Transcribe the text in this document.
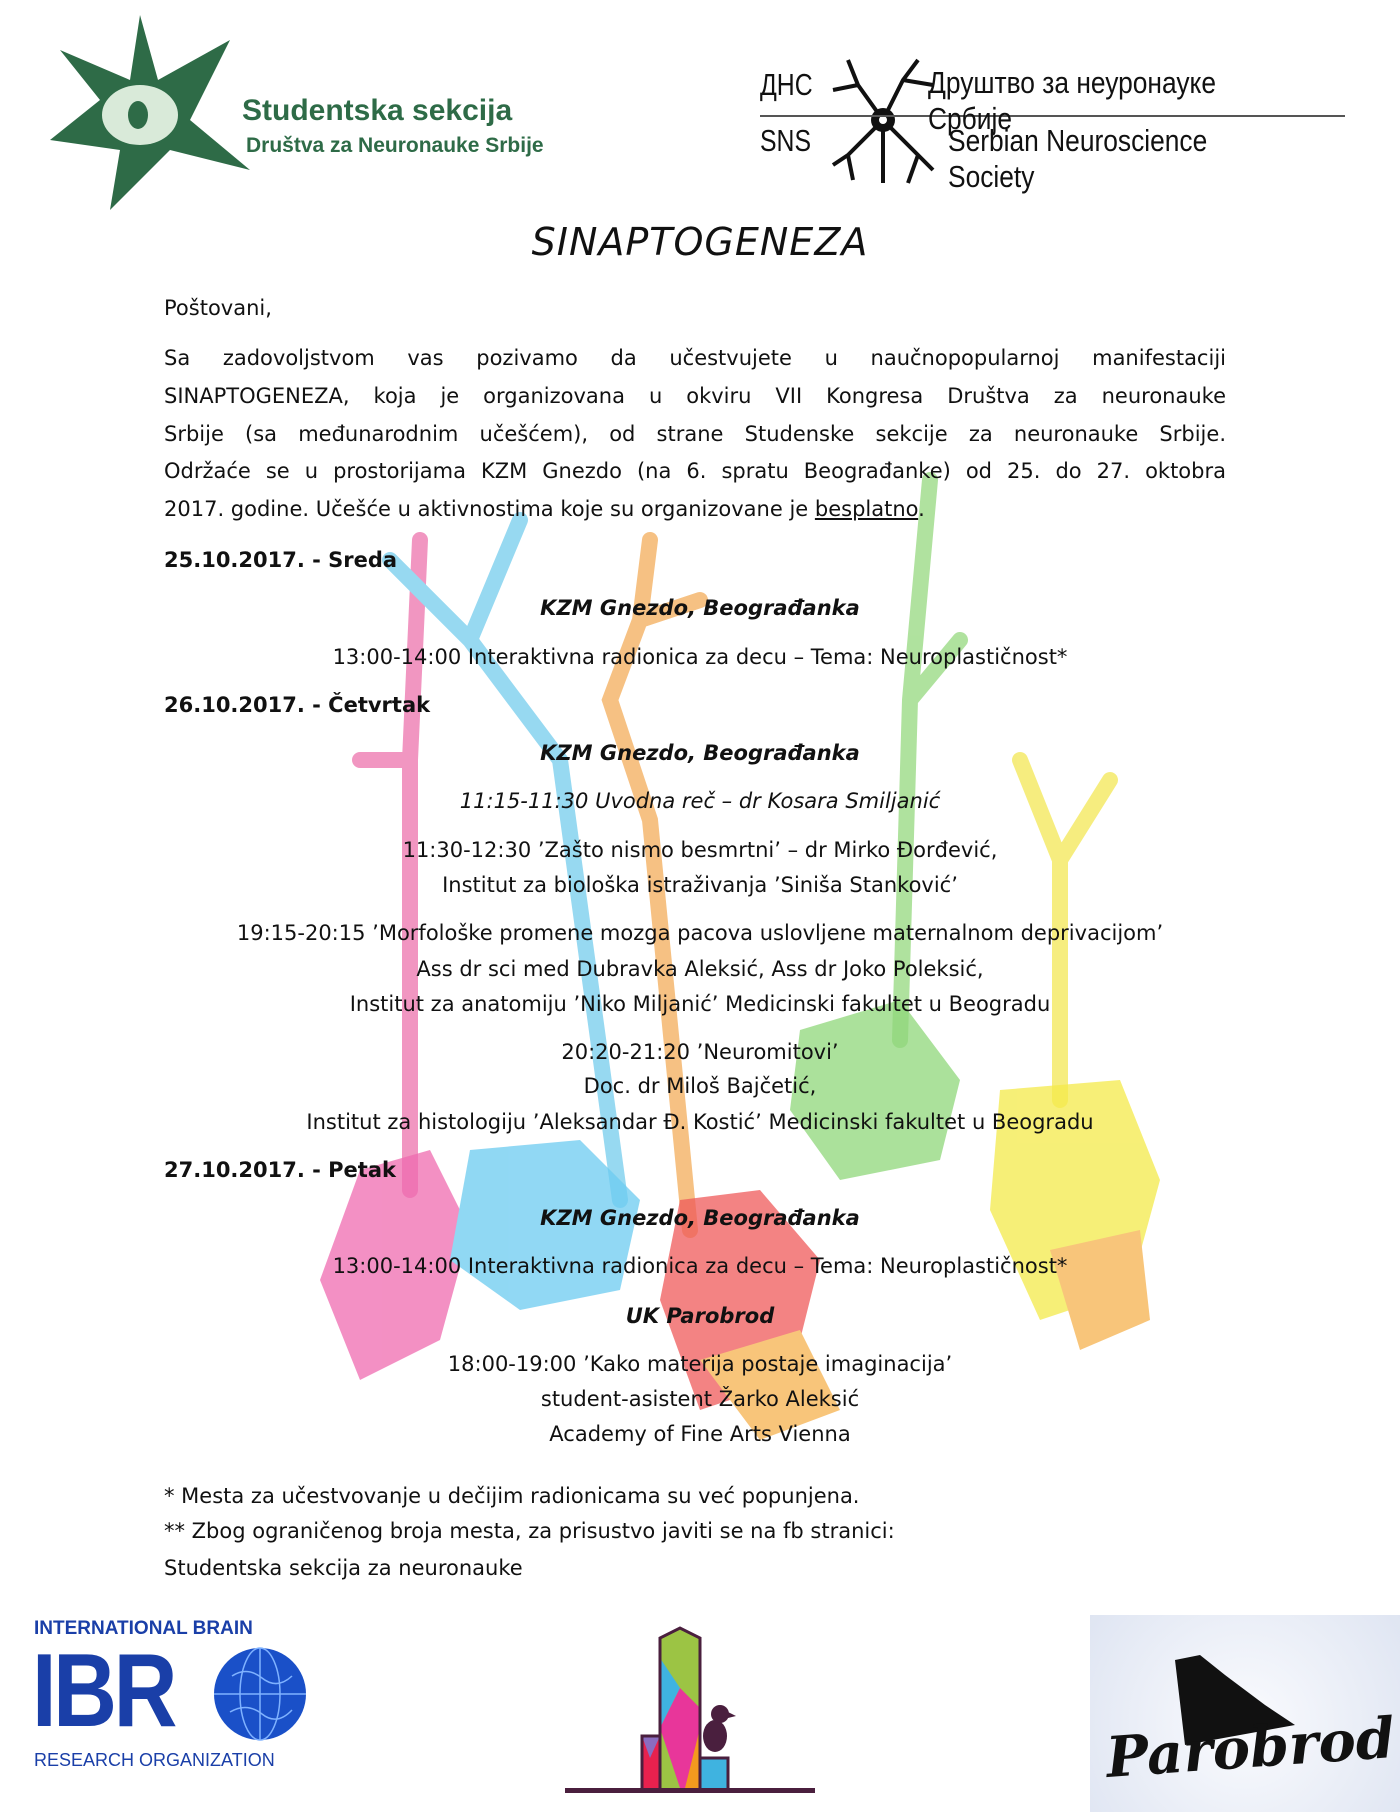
Studentska sekcija
Društva za Neuronauke Srbije
ДНС
SNS
Друштво за неуронауке Србије
Serbian Neuroscience Society
SINAPTOGENEZA
Poštovani,
Sa zadovoljstvom vas pozivamo da učestvujete u naučnopopularnoj manifestaciji
SINAPTOGENEZA, koja je organizovana u okviru VII Kongresa Društva za neuronauke
Srbije (sa međunarodnim učešćem), od strane Studenske sekcije za neuronauke Srbije.
Održaće se u prostorijama KZM Gnezdo (na 6. spratu Beograđanke) od 25. do 27. oktobra
2017. godine. Učešće u aktivnostima koje su organizovane je besplatno.
25.10.2017. - Sreda
KZM Gnezdo, Beograđanka
13:00-14:00 Interaktivna radionica za decu – Tema: Neuroplastičnost*
26.10.2017. - Četvrtak
KZM Gnezdo, Beograđanka
11:15-11:30 Uvodna reč – dr Kosara Smiljanić
11:30-12:30 ’Zašto nismo besmrtni’ – dr Mirko Đorđević,
Institut za biološka istraživanja ’Siniša Stanković’
19:15-20:15 ’Morfološke promene mozga pacova uslovljene maternalnom deprivacijom’
Ass dr sci med Dubravka Aleksić, Ass dr Joko Poleksić,
Institut za anatomiju ’Niko Miljanić’ Medicinski fakultet u Beogradu
20:20-21:20 ’Neuromitovi’
Doc. dr Miloš Bajčetić,
Institut za histologiju ’Aleksandar Đ. Kostić’ Medicinski fakultet u Beogradu
27.10.2017. - Petak
KZM Gnezdo, Beograđanka
13:00-14:00 Interaktivna radionica za decu – Tema: Neuroplastičnost*
UK Parobrod
18:00-19:00 ’Kako materija postaje imaginacija’
student-asistent Žarko Aleksić
Academy of Fine Arts Vienna
* Mesta za učestvovanje u dečijim radionicama su već popunjena.
** Zbog ograničenog broja mesta, za prisustvo javiti se na fb stranici:
Studentska sekcija za neuronauke
INTERNATIONAL BRAIN
IBR
RESEARCH ORGANIZATION	Parobrod
